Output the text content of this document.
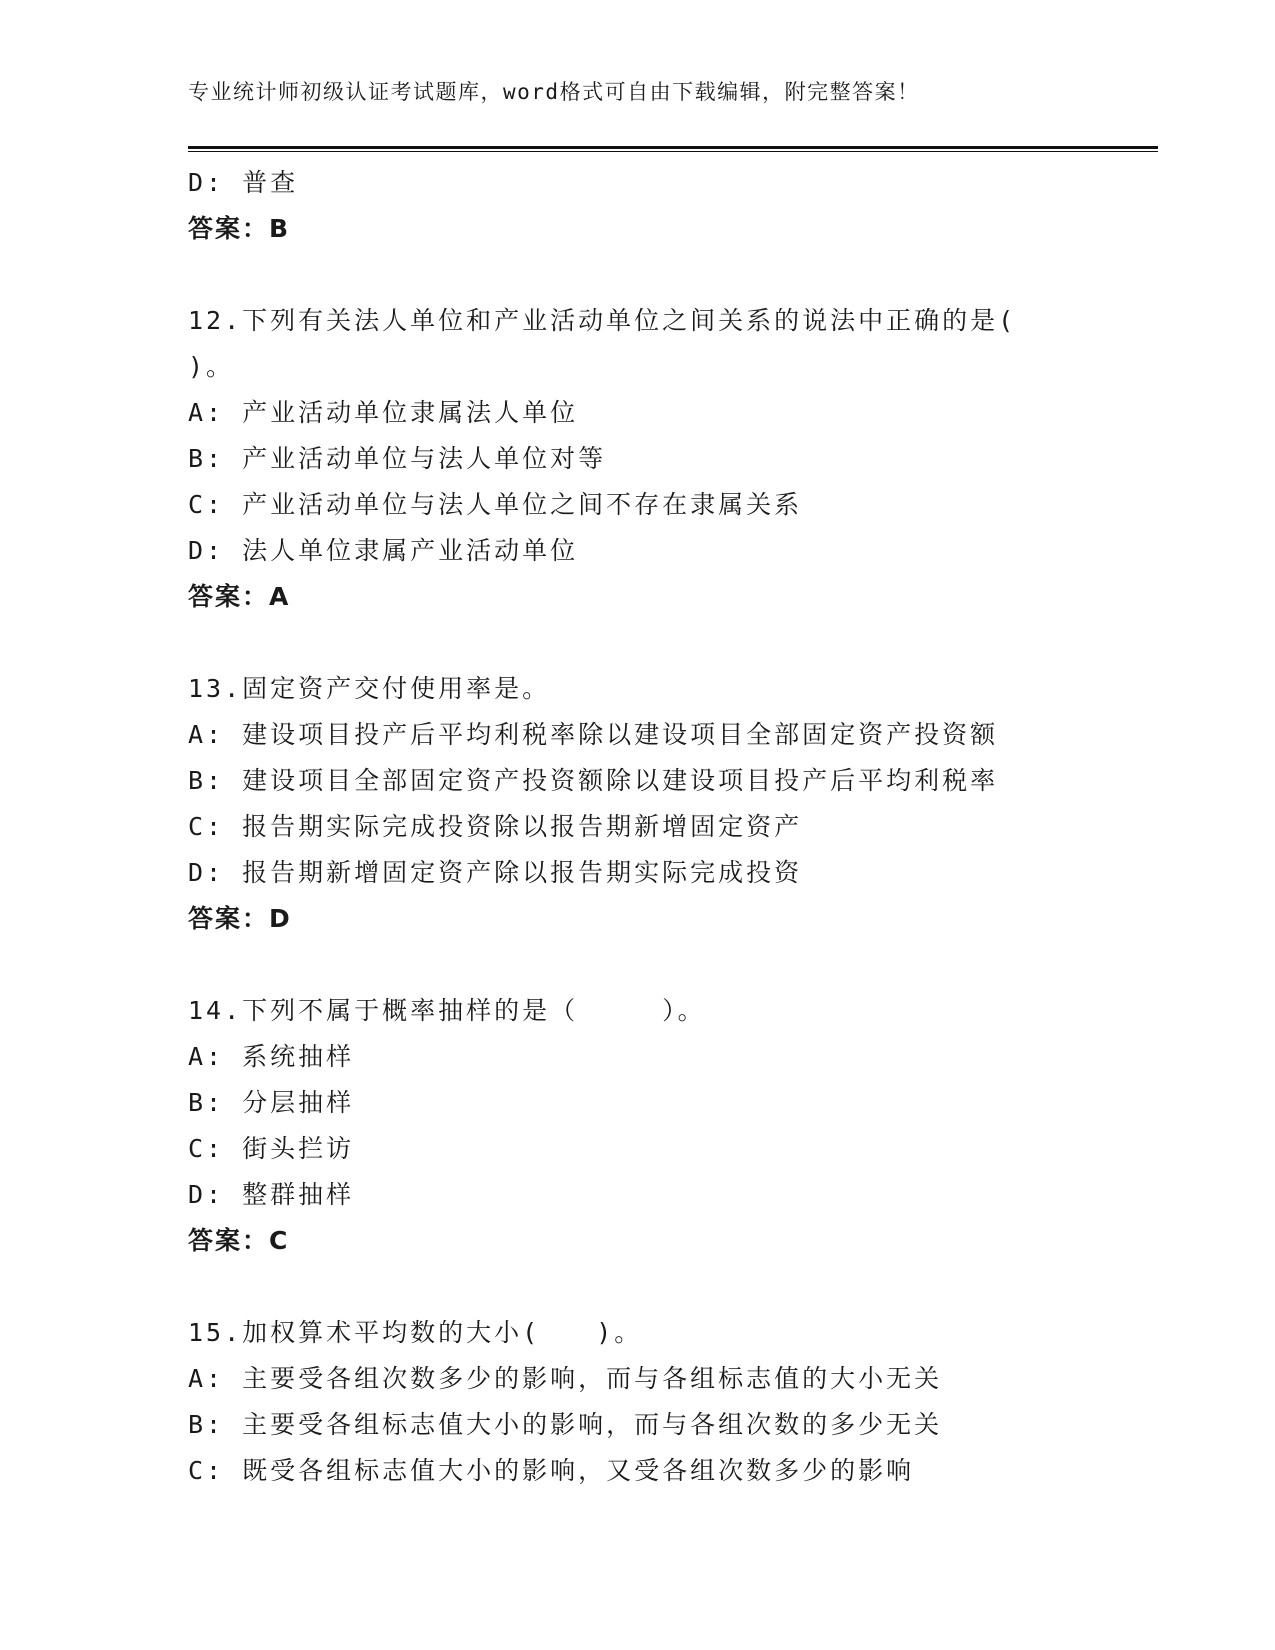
专业统计师初级认证考试题库，word格式可自由下载编辑，附完整答案！
D: 普查
答案：B
12.下列有关法人单位和产业活动单位之间关系的说法中正确的是(
)。
A: 产业活动单位隶属法人单位
B: 产业活动单位与法人单位对等
C: 产业活动单位与法人单位之间不存在隶属关系
D: 法人单位隶属产业活动单位
答案：A
13.固定资产交付使用率是。
A: 建设项目投产后平均利税率除以建设项目全部固定资产投资额
B: 建设项目全部固定资产投资额除以建设项目投产后平均利税率
C: 报告期实际完成投资除以报告期新增固定资产
D: 报告期新增固定资产除以报告期实际完成投资
答案：D
14.下列不属于概率抽样的是（　　　）。
A: 系统抽样
B: 分层抽样
C: 街头拦访
D: 整群抽样
答案：C
15.加权算术平均数的大小(　　)。
A: 主要受各组次数多少的影响，而与各组标志值的大小无关
B: 主要受各组标志值大小的影响，而与各组次数的多少无关
C: 既受各组标志值大小的影响，又受各组次数多少的影响
